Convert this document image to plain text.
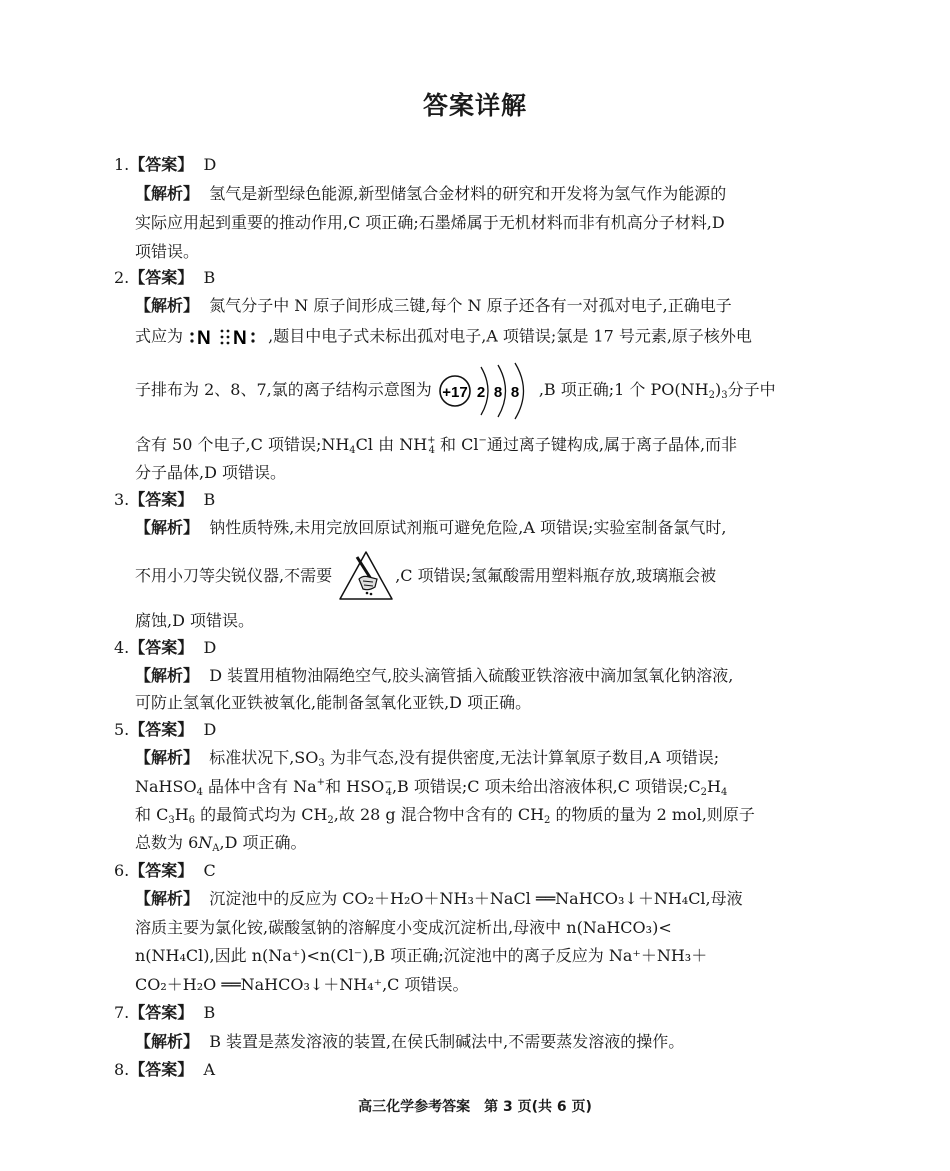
答案详解
1.【答案】 D
【解析】 氢气是新型绿色能源,新型储氢合金材料的研究和开发将为氢气作为能源的
实际应用起到重要的推动作用,C 项正确;石墨烯属于无机材料而非有机高分子材料,D
项错误。
2.【答案】 B
【解析】 氮气分子中 N 原子间形成三键,每个 N 原子还各有一对孤对电子,正确电子
式应为 N N ,题目中电子式未标出孤对电子,A 项错误;氯是 17 号元素,原子核外电
子排布为 2、8、7,氯的离子结构示意图为 +17 2 8 8 ,B 项正确;1 个 $PO(NH_2)_3$分子中
含有 50 个电子,C 项错误$;NH_4Cl$ 由 $NH^+_4$ 和 Cl−通过离子键构成,属于离子晶体,而非
分子晶体,D 项错误。
3.【答案】 B
【解析】 钠性质特殊,未用完放回原试剂瓶可避免危险,A 项错误;实验室制备氯气时,
不用小刀等尖锐仪器,不需要	,C 项错误;氢氟酸需用塑料瓶存放,玻璃瓶会被
腐蚀,D 项错误。
4.【答案】 D
【解析】 D 装置用植物油隔绝空气,胶头滴管插入硫酸亚铁溶液中滴加氢氧化钠溶液,
可防止氢氧化亚铁被氧化,能制备氢氧化亚铁,D 项正确。
5.【答案】 D
【解析】 标准状况下$,SO_3$ 为非气态,没有提供密度,无法计算氧原子数目,A 项错误;
NaHSO$_4$ 晶体中含有 Na+和 $HSO^-_4,B$ 项错误;C 项未给出溶液体积,C 项错误$;C_2H_4$
和 $C_3H_6$ 的最简式均为 $CH_2$,故 28 g 混合物中含有的 $CH_2$ 的物质的量为 2 mol,则原子
总数为 $6N_A,D$ 项正确。
6.【答案】 C
【解析】 沉淀池中的反应为 CO₂＋H₂O＋NH₃＋NaCl ══NaHCO₃↓＋NH₄Cl,母液
溶质主要为氯化铵,碳酸氢钠的溶解度小变成沉淀析出,母液中 n(NaHCO₃)<
n(NH₄Cl),因此 n(Na⁺)<n(Cl⁻),B 项正确;沉淀池中的离子反应为 Na⁺＋NH₃＋
CO₂＋H₂O ══NaHCO₃↓＋NH₄⁺,C 项错误。
7.【答案】 B
【解析】 B 装置是蒸发溶液的装置,在侯氏制碱法中,不需要蒸发溶液的操作。
8.【答案】 A
高三化学参考答案　第 3 页(共 6 页)
